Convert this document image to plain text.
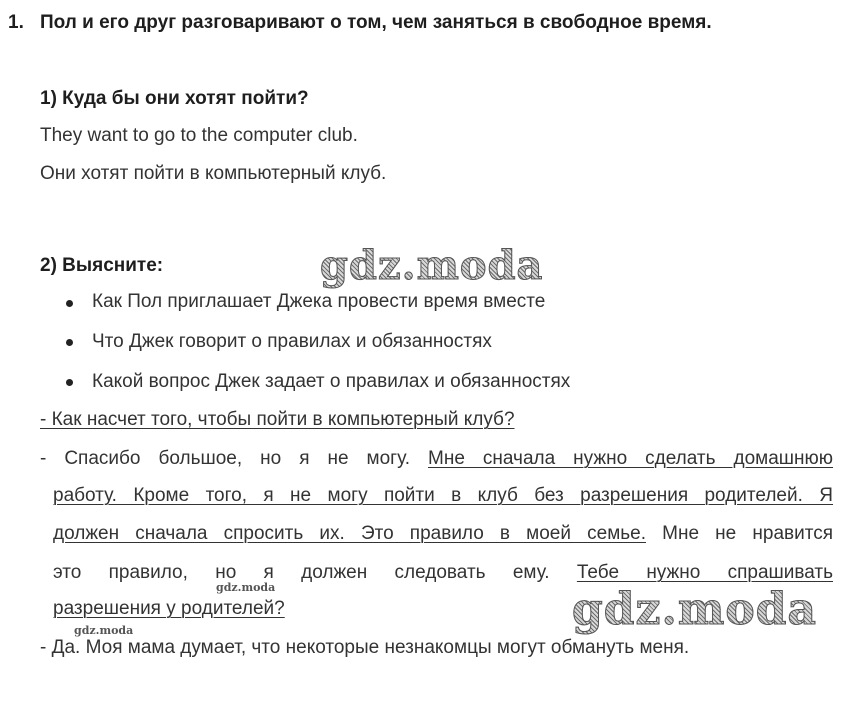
1. Пол и его друг разговаривают о том, чем заняться в свободное время.
1) Куда бы они хотят пойти?
They want to go to the computer club.
Они хотят пойти в компьютерный клуб.
2) Выясните:
Как Пол приглашает Джека провести время вместе
Что Джек говорит о правилах и обязанностях
Какой вопрос Джек задает о правилах и обязанностях
- Как насчет того, чтобы пойти в компьютерный клуб?
- Спасибо большое, но я не могу. Мне сначала нужно сделать домашнюю
работу. Кроме того, я не могу пойти в клуб без разрешения родителей. Я
должен сначала спросить их. Это правило в моей семье. Мне не нравится
это правило, но я должен следовать ему. Тебе нужно спрашивать
разрешения у родителей?
- Да. Моя мама думает, что некоторые незнакомцы могут обмануть меня.
gdz.moda
gdz.moda
gdz.moda
gdz.moda
